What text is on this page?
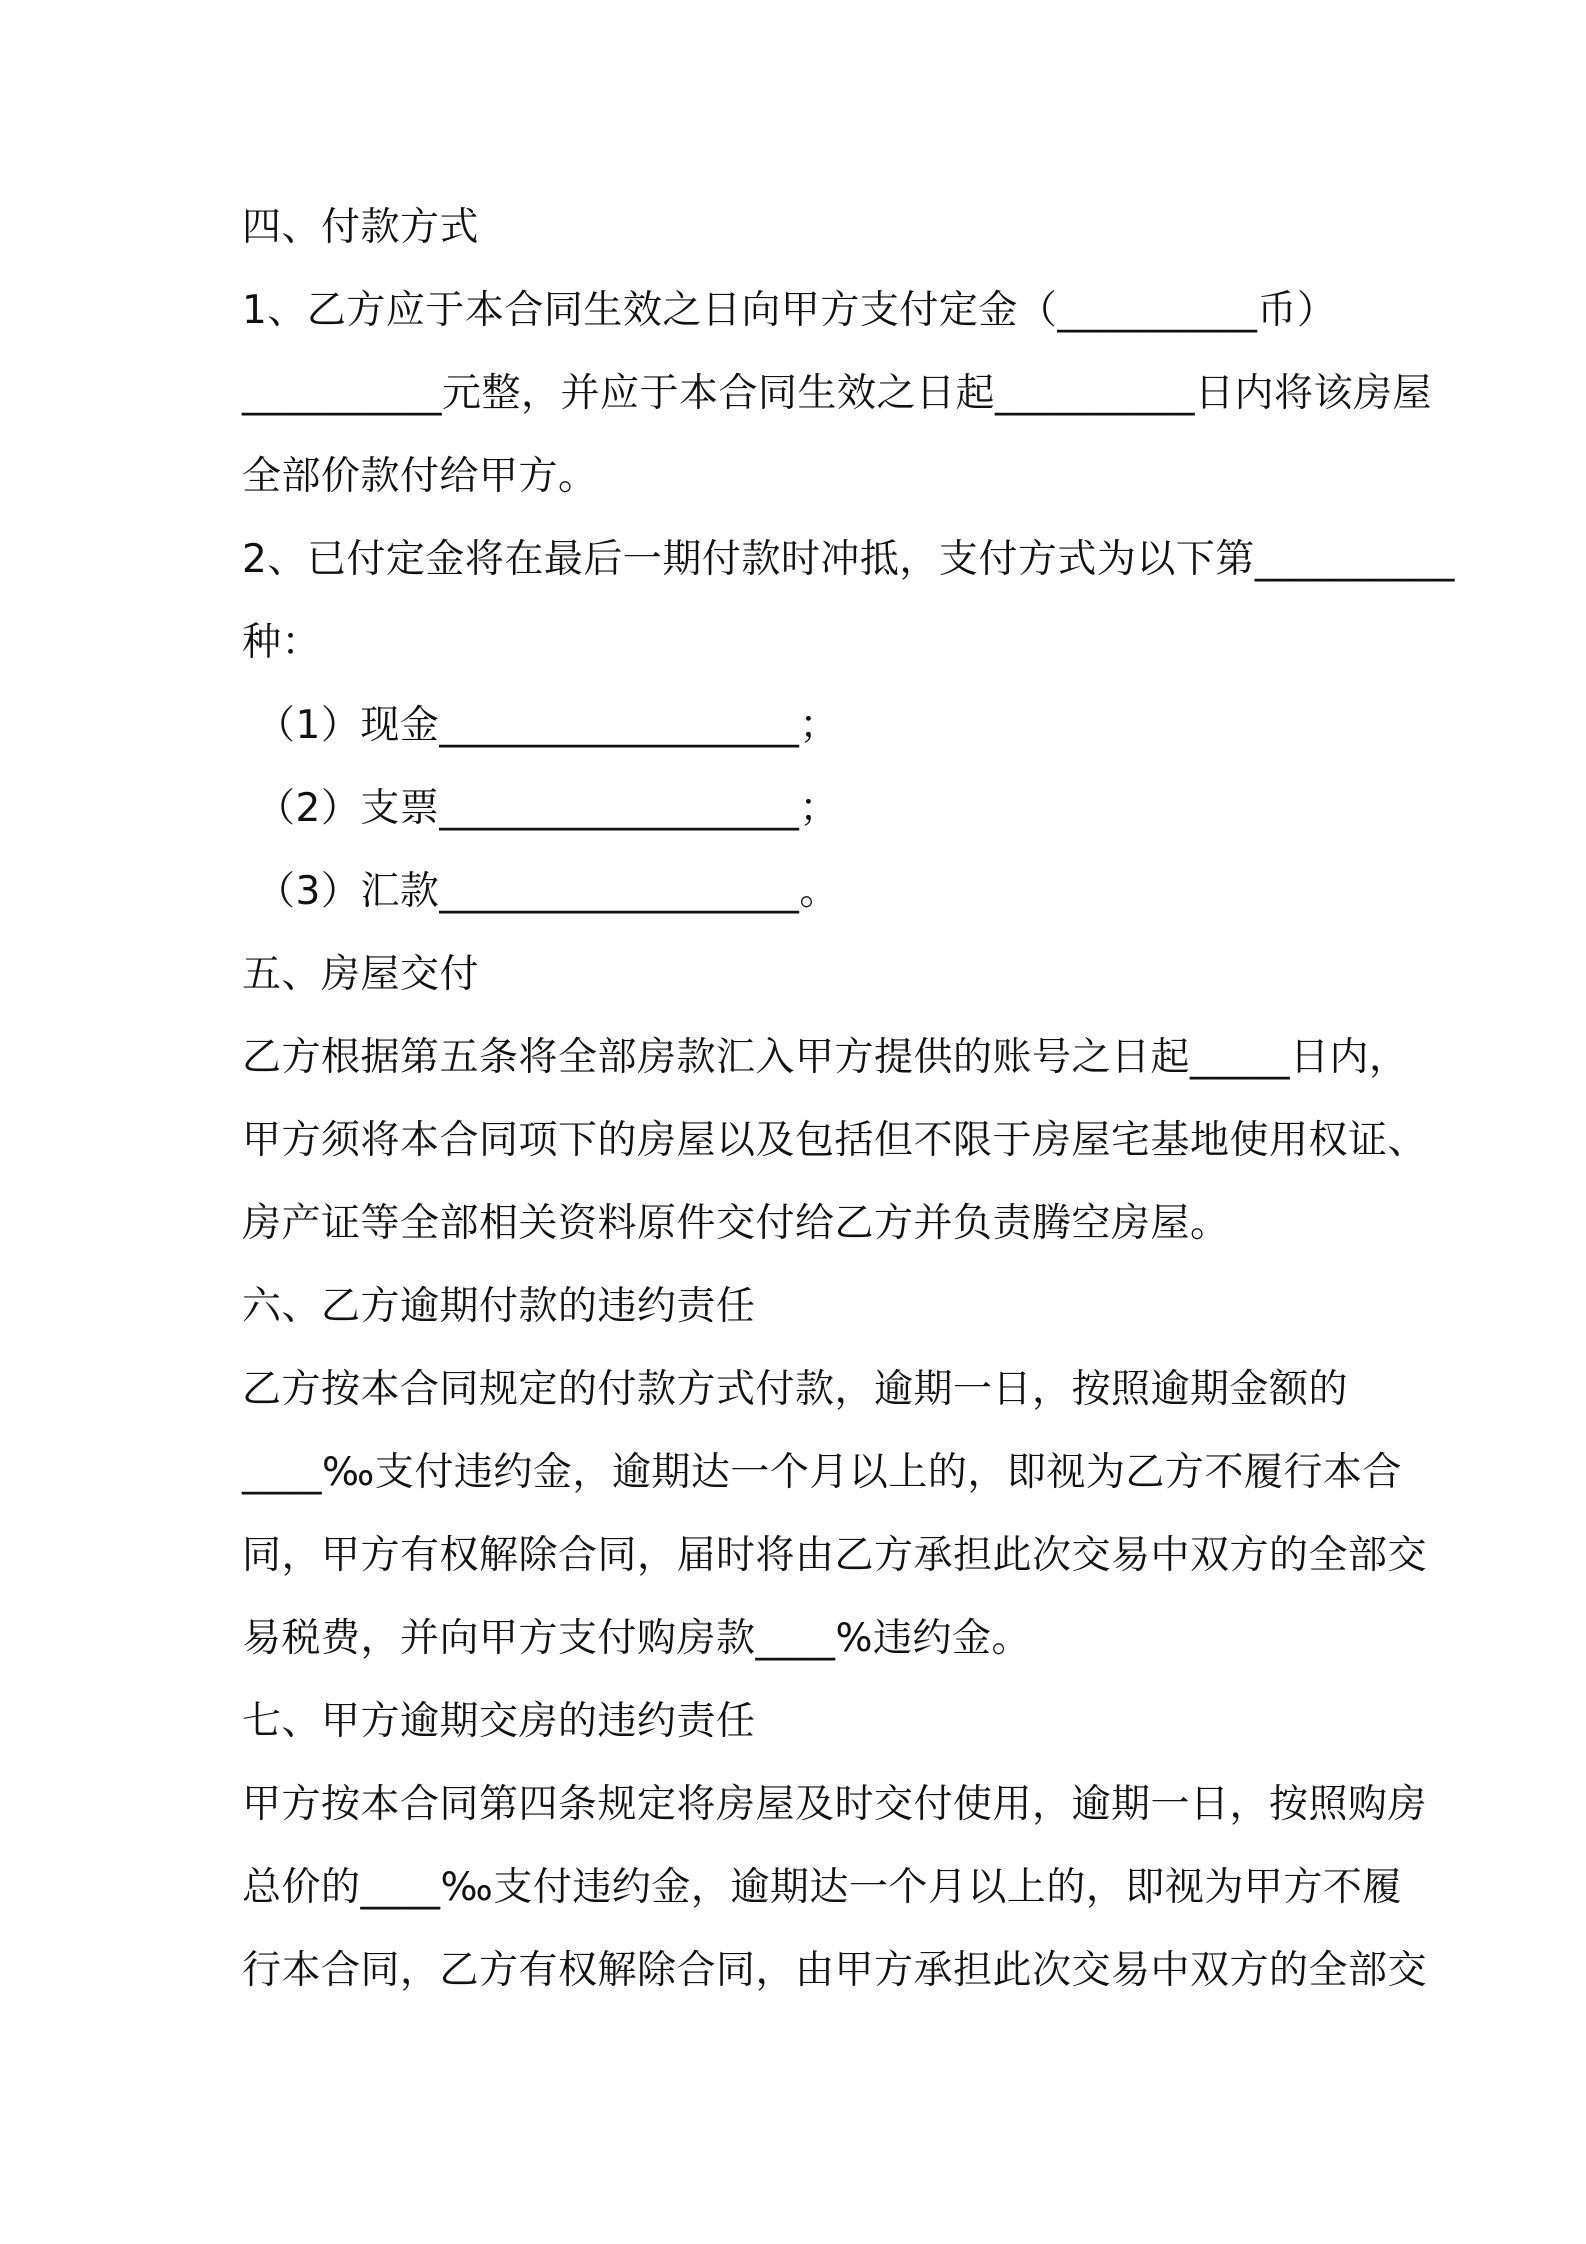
四、付款方式
1、乙方应于本合同生效之日向甲方支付定金（__________币）
__________元整，并应于本合同生效之日起__________日内将该房屋
全部价款付给甲方。
2、已付定金将在最后一期付款时冲抵，支付方式为以下第__________
种：
（1）现金__________________；
（2）支票__________________；
（3）汇款__________________。
五、房屋交付
乙方根据第五条将全部房款汇入甲方提供的账号之日起_____日内，
甲方须将本合同项下的房屋以及包括但不限于房屋宅基地使用权证、
房产证等全部相关资料原件交付给乙方并负责腾空房屋。
六、乙方逾期付款的违约责任
乙方按本合同规定的付款方式付款，逾期一日，按照逾期金额的
____‰支付违约金，逾期达一个月以上的，即视为乙方不履行本合
同，甲方有权解除合同，届时将由乙方承担此次交易中双方的全部交
易税费，并向甲方支付购房款____%违约金。
七、甲方逾期交房的违约责任
甲方按本合同第四条规定将房屋及时交付使用，逾期一日，按照购房
总价的____‰支付违约金，逾期达一个月以上的，即视为甲方不履
行本合同，乙方有权解除合同，由甲方承担此次交易中双方的全部交
